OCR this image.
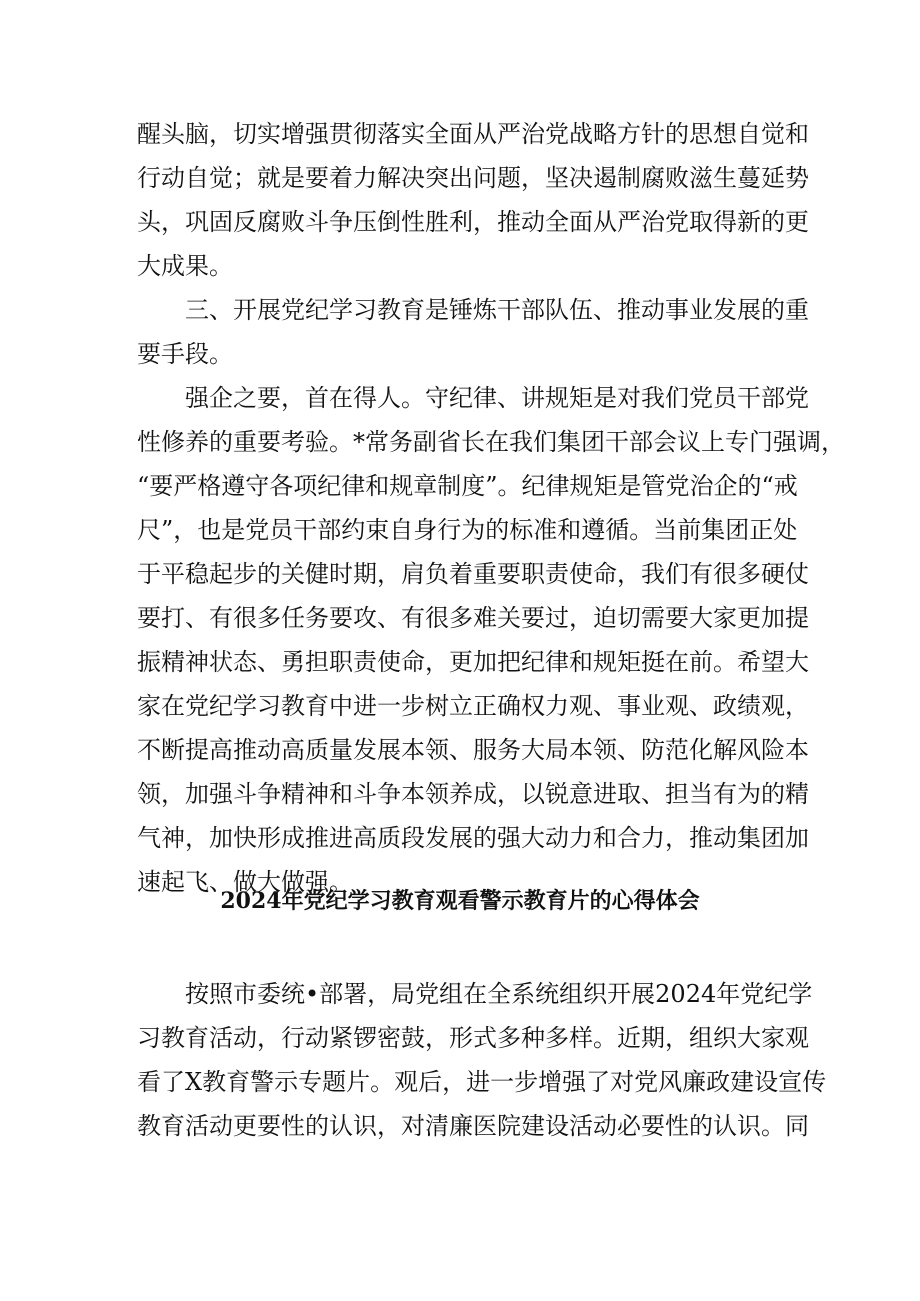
醒头脑，切实增强贯彻落实全面从严治党战略方针的思想自觉和
行动自觉；就是要着力解决突出问题，坚决遏制腐败滋生蔓延势
头，巩固反腐败斗争压倒性胜利，推动全面从严治党取得新的更
大成果。
　　三、开展党纪学习教育是锤炼干部队伍、推动事业发展的重
要手段。
　　强企之要，首在得人。守纪律、讲规矩是对我们党员干部党
性修养的重要考验。*常务副省长在我们集团干部会议上专门强调，
“要严格遵守各项纪律和规章制度”。纪律规矩是管党治企的“戒
尺”，也是党员干部约束自身行为的标准和遵循。当前集团正处
于平稳起步的关健时期，肩负着重要职责使命，我们有很多硬仗
要打、有很多任务要攻、有很多难关要过，迫切需要大家更加提
振精神状态、勇担职责使命，更加把纪律和规矩挺在前。希望大
家在党纪学习教育中进一步树立正确权力观、事业观、政绩观，
不断提高推动高质量发展本领、服务大局本领、防范化解风险本
领，加强斗争精神和斗争本领养成，以锐意进取、担当有为的精
气神，加快形成推进高质段发展的强大动力和合力，推动集团加
速起飞、做大做强。
2024年党纪学习教育观看警示教育片的心得体会
　　按照市委统•部署，局党组在全系统组织开展2024年党纪学
习教育活动，行动紧锣密鼓，形式多种多样。近期，组织大家观
看了X教育警示专题片。观后，进一步增强了对党风廉政建设宣传
教育活动更要性的认识，对清廉医院建设活动必要性的认识。同
